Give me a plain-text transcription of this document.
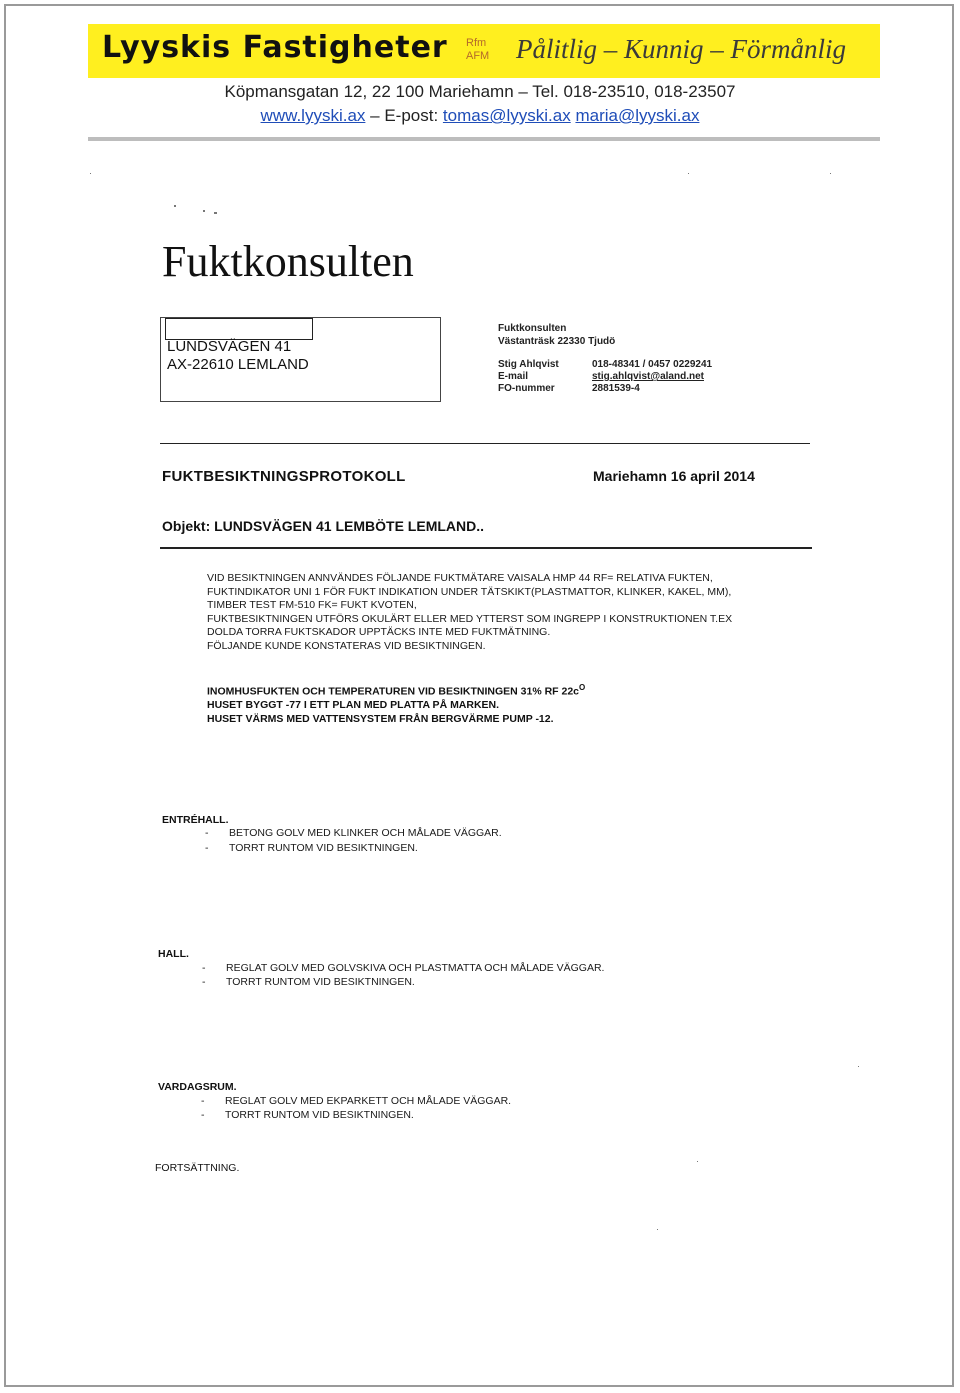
Lyyskis Fastigheter Rfm
AFM Pålitlig – Kunnig – Förmånlig
Köpmansgatan 12, 22 100 Mariehamn – Tel. 018-23510, 018-23507
www.lyyski.ax – E-post: tomas@lyyski.ax maria@lyyski.ax
Fuktkonsulten
LUNDSVÄGEN 41
AX-22610 LEMLAND
Fuktkonsulten
Västanträsk 22330 Tjudö
Stig Ahlqvist	018-48341 / 0457 0229241
E-mail	stig.ahlqvist@aland.net
FO-nummer	2881539-4
FUKTBESIKTNINGSPROTOKOLL	Mariehamn 16 april 2014
Objekt: LUNDSVÄGEN 41 LEMBÖTE LEMLAND..
VID BESIKTNINGEN ANNVÄNDES FÖLJANDE FUKTMÄTARE VAISALA HMP 44 RF= RELATIVA FUKTEN,
FUKTINDIKATOR UNI 1 FÖR FUKT INDIKATION UNDER TÄTSKIKT(PLASTMATTOR, KLINKER, KAKEL, MM),
TIMBER TEST FM-510 FK= FUKT KVOTEN,
FUKTBESIKTNINGEN UTFÖRS OKULÄRT ELLER MED YTTERST SOM INGREPP I KONSTRUKTIONEN T.EX
DOLDA TORRA FUKTSKADOR UPPTÄCKS INTE MED FUKTMÄTNING.
FÖLJANDE KUNDE KONSTATERAS VID BESIKTNINGEN.
INOMHUSFUKTEN OCH TEMPERATUREN VID BESIKTNINGEN 31% RF $22c^O$
HUSET BYGGT -77 I ETT PLAN MED PLATTA PÅ MARKEN.
HUSET VÄRMS MED VATTENSYSTEM FRÅN BERGVÄRME PUMP -12.
ENTRÉHALL.
- BETONG GOLV MED KLINKER OCH MÅLADE VÄGGAR.
- TORRT RUNTOM VID BESIKTNINGEN.
HALL.
- REGLAT GOLV MED GOLVSKIVA OCH PLASTMATTA OCH MÅLADE VÄGGAR.
- TORRT RUNTOM VID BESIKTNINGEN.
VARDAGSRUM.
- REGLAT GOLV MED EKPARKETT OCH MÅLADE VÄGGAR.
- TORRT RUNTOM VID BESIKTNINGEN.
FORTSÄTTNING.
